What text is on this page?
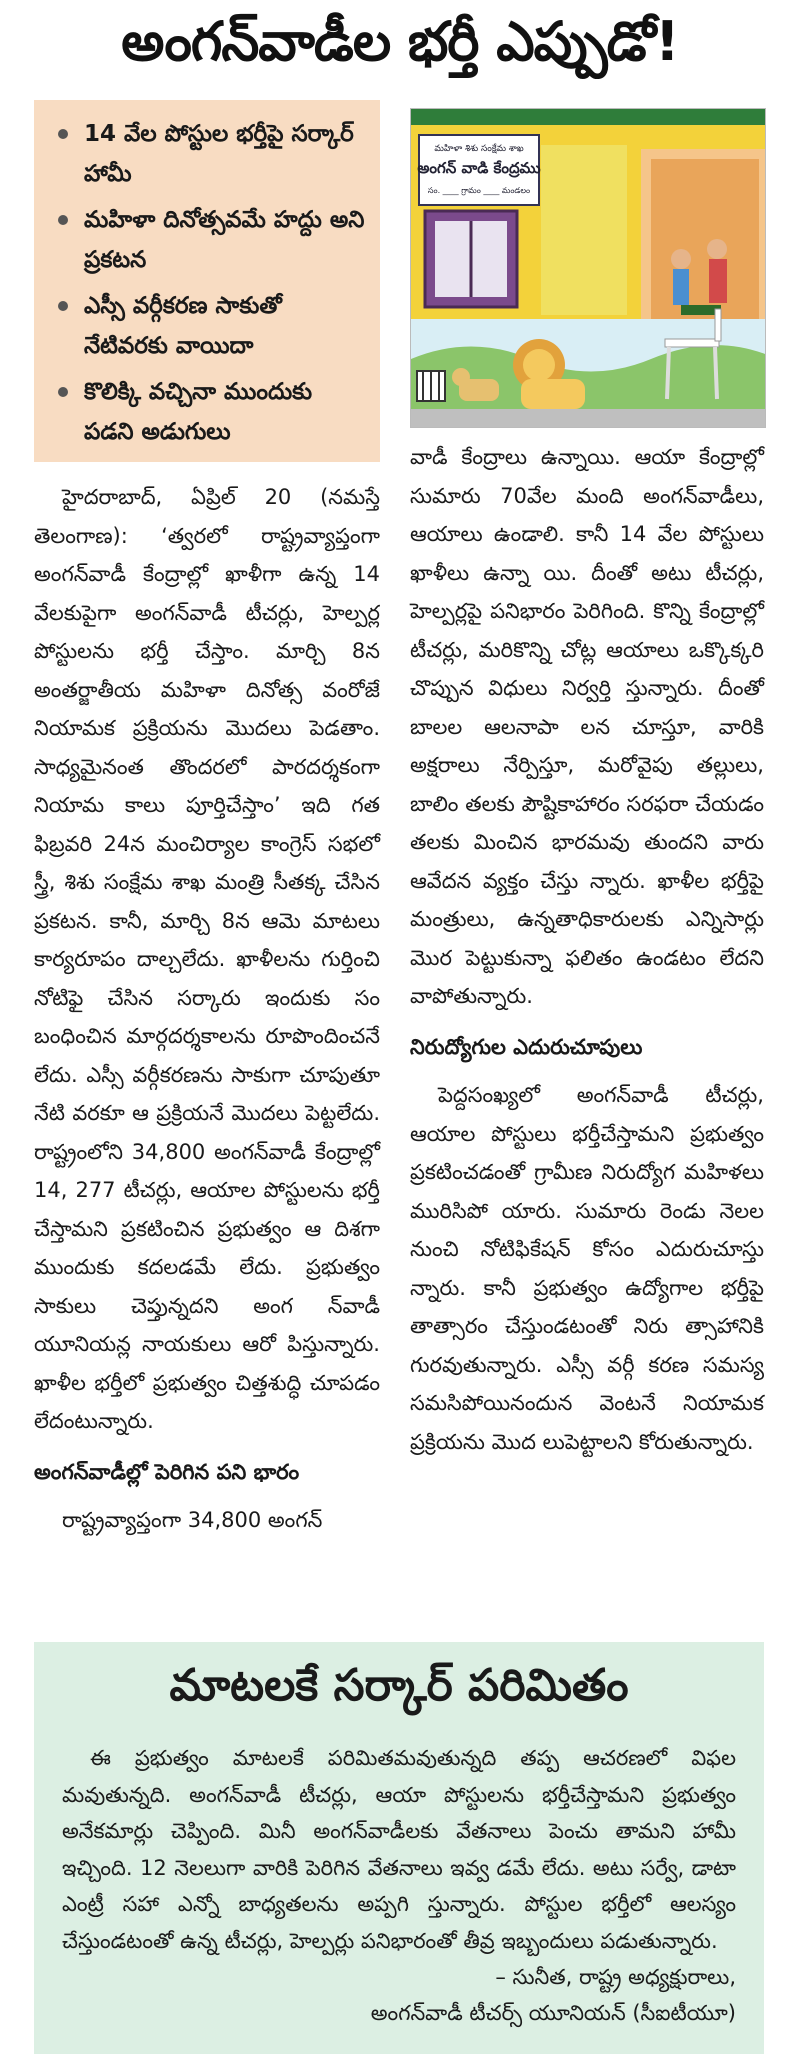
అంగన్‌వాడీల భర్తీ ఎప్పుడో!
14 వేల పోస్టుల భర్తీపై సర్కార్‌ హామీ
మహిళా దినోత్సవమే హద్దు అని ప్రకటన
ఎస్సీ వర్గీకరణ సాకుతో నేటివరకు వాయిదా
కొలిక్కి వచ్చినా ముందుకు పడని అడుగులు
మహిళా శిశు సంక్షేమ శాఖ
అంగన్ వాడి కేంద్రము
సం. ____ గ్రామం ____ మండలం

హైదరాబాద్‌, ఏప్రిల్‌ 20 (నమస్తే తెలంగాణ): ‘త్వరలో రాష్ట్రవ్యాప్తంగా అంగన్‌వాడీ కేంద్రాల్లో ఖాళీగా ఉన్న 14 వేలకుపైగా అంగన్‌వాడీ టీచర్లు, హెల్పర్ల పోస్టులను భర్తీ చేస్తాం. మార్చి 8న అంతర్జాతీయ మహిళా దినోత్స వంరోజే నియామక ప్రక్రియను మొదలు పెడతాం. సాధ్యమైనంత తొందరలో పారదర్శకంగా నియామ కాలు పూర్తిచేస్తాం’ ఇది గత ఫిబ్రవరి 24న మంచిర్యాల కాంగ్రెస్‌ సభలో స్త్రీ, శిశు సంక్షేమ శాఖ మంత్రి సీతక్క చేసిన ప్రకటన. కానీ, మార్చి 8న ఆమె మాటలు కార్యరూపం దాల్చలేదు. ఖాళీలను గుర్తించి నోటిఫై చేసిన సర్కారు ఇందుకు సం బంధించిన మార్గదర్శకాలను రూపొందించనే లేదు. ఎస్సీ వర్గీకరణను సాకుగా చూపుతూ నేటి వరకూ ఆ ప్రక్రియనే మొదలు పెట్టలేదు. రాష్ట్రంలోని 34,800 అంగన్‌వాడీ కేంద్రాల్లో 14, 277 టీచర్లు, ఆయాల పోస్టులను భర్తీ చేస్తామని ప్రకటించిన ప్రభుత్వం ఆ దిశగా ముందుకు కదలడమే లేదు. ప్రభుత్వం సాకులు చెప్తున్నదని అంగ న్‌వాడీ యూనియన్ల నాయకులు ఆరో పిస్తున్నారు. ఖాళీల భర్తీలో ప్రభుత్వం చిత్తశుద్ధి చూపడం లేదంటున్నారు.

అంగన్‌వాడీల్లో పెరిగిన పని భారం

రాష్ట్రవ్యాప్తంగా 34,800 అంగన్‌

వాడీ కేంద్రాలు ఉన్నాయి. ఆయా కేంద్రాల్లో సుమారు 70వేల మంది అంగన్‌వాడీలు, ఆయాలు ఉండాలి. కానీ 14 వేల పోస్టులు ఖాళీలు ఉన్నా యి. దీంతో అటు టీచర్లు, హెల్పర్లపై పనిభారం పెరిగింది. కొన్ని కేంద్రాల్లో టీచర్లు, మరికొన్ని చోట్ల ఆయాలు ఒక్కొక్కరి చొప్పున విధులు నిర్వర్తి స్తున్నారు. దీంతో బాలల ఆలనాపా లన చూస్తూ, వారికి అక్షరాలు నేర్పిస్తూ, మరోవైపు తల్లులు, బాలిం తలకు పౌష్టికాహారం సరఫరా చేయడం తలకు మించిన భారమవు తుందని వారు ఆవేదన వ్యక్తం చేస్తు న్నారు. ఖాళీల భర్తీపై మంత్రులు, ఉన్నతాధికారులకు ఎన్నిసార్లు మొర పెట్టుకున్నా ఫలితం ఉండటం లేదని వాపోతున్నారు.

నిరుద్యోగుల ఎదురుచూపులు

పెద్దసంఖ్యలో అంగన్‌వాడీ టీచర్లు, ఆయాల పోస్టులు భర్తీచేస్తామని ప్రభుత్వం ప్రకటించడంతో గ్రామీణ నిరుద్యోగ మహిళలు మురిసిపో యారు. సుమారు రెండు నెలల నుంచి నోటిఫికేషన్‌ కోసం ఎదురుచూస్తు న్నారు. కానీ ప్రభుత్వం ఉద్యోగాల భర్తీపై తాత్సారం చేస్తుండటంతో నిరు త్సాహానికి గురవుతున్నారు. ఎస్సీ వర్గీ కరణ సమస్య సమసిపోయినందున వెంటనే నియామక ప్రక్రియను మొద లుపెట్టాలని కోరుతున్నారు.

మాటలకే సర్కార్‌ పరిమితం

ఈ ప్రభుత్వం మాటలకే పరిమితమవుతున్నది తప్ప ఆచరణలో విఫల మవుతున్నది. అంగన్‌వాడీ టీచర్లు, ఆయా పోస్టులను భర్తీచేస్తామని ప్రభుత్వం అనేకమార్లు చెప్పింది. మినీ అంగన్‌వాడీలకు వేతనాలు పెంచు తామని హామీ ఇచ్చింది. 12 నెలలుగా వారికి పెరిగిన వేతనాలు ఇవ్వ డమే లేదు. అటు సర్వే, డాటా ఎంట్రీ సహా ఎన్నో బాధ్యతలను అప్పగి స్తున్నారు. పోస్టుల భర్తీలో ఆలస్యం చేస్తుండటంతో ఉన్న టీచర్లు, హెల్పర్లు పనిభారంతో తీవ్ర ఇబ్బందులు పడుతున్నారు.

– సునీత, రాష్ట్ర అధ్యక్షురాలు,
అంగన్‌వాడీ టీచర్స్‌ యూనియన్‌ (సీఐటీయూ)
